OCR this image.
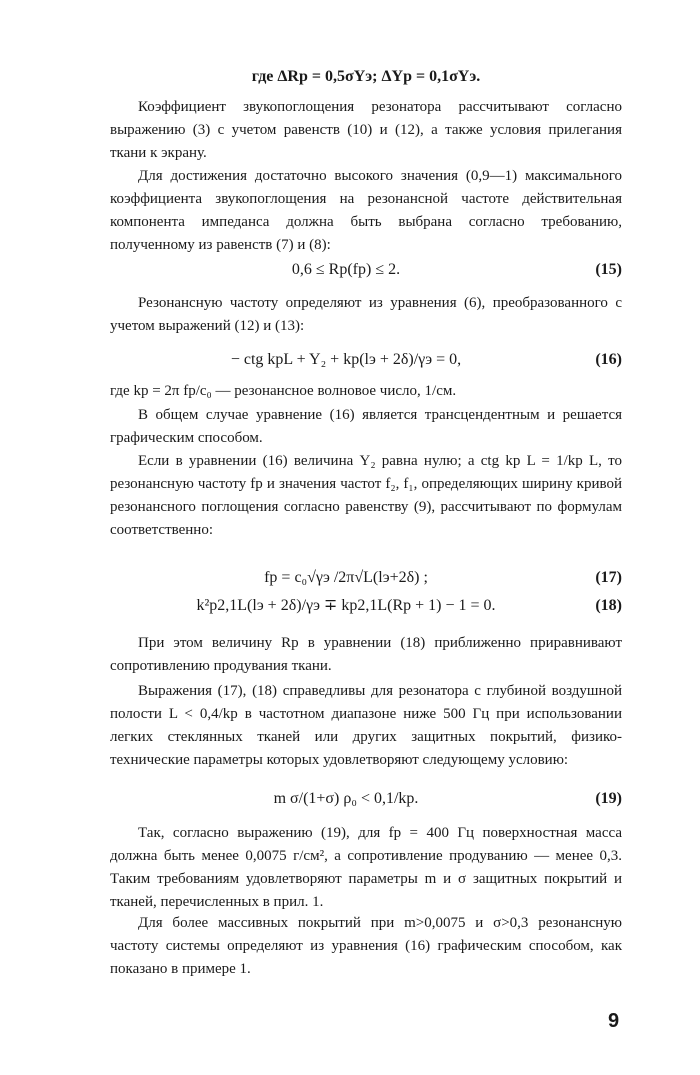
где ΔRр = 0,5σYэ; ΔYр = 0,1σYэ.

Коэффициент звукопоглощения резонатора рассчитывают согласно выражению (3) с учетом равенств (10) и (12), а также условия прилегания ткани к экрану.

Для достижения достаточно высокого значения (0,9—1) максимального коэффициента звукопоглощения на резонансной частоте действительная компонента импеданса должна быть выбрана согласно требованию, полученному из равенств (7) и (8):

0,6 ≤ Rр(fр) ≤ 2.	(15)

Резонансную частоту определяют из уравнения (6), преобразованного с учетом выражений (12) и (13):

− ctg kрL + Y₂ + kр(lэ + 2δ)/γэ = 0,	(16)

где kр = 2π fр/c₀ — резонансное волновое число, 1/см.

В общем случае уравнение (16) является трансцендентным и решается графическим способом.

Если в уравнении (16) величина Y₂ равна нулю; а ctg kр L = 1/kр L, то резонансную частоту fр и значения частот f₂, f₁, определяющих ширину кривой резонансного поглощения согласно равенству (9), рассчитывают по формулам соответственно:

fр = c₀√γэ /2π√L(lэ+2δ) ;	(17)
k²р2,1L(lэ + 2δ)/γэ ∓ kр2,1L(Rр + 1) − 1 = 0.	(18)

При этом величину Rр в уравнении (18) приближенно приравнивают сопротивлению продувания ткани.

Выражения (17), (18) справедливы для резонатора с глубиной воздушной полости L < 0,4/kр в частотном диапазоне ниже 500 Гц при использовании легких стеклянных тканей или других защитных покрытий, физико-технические параметры которых удовлетворяют следующему условию:

m σ/(1+σ) ρ₀ < 0,1/kр.	(19)

Так, согласно выражению (19), для fр = 400 Гц поверхностная масса должна быть менее 0,0075 г/см², а сопротивление продуванию — менее 0,3. Таким требованиям удовлетворяют параметры m и σ защитных покрытий и тканей, перечисленных в прил. 1.

Для более массивных покрытий при m>0,0075 и σ>0,3 резонансную частоту системы определяют из уравнения (16) графическим способом, как показано в примере 1.

9
